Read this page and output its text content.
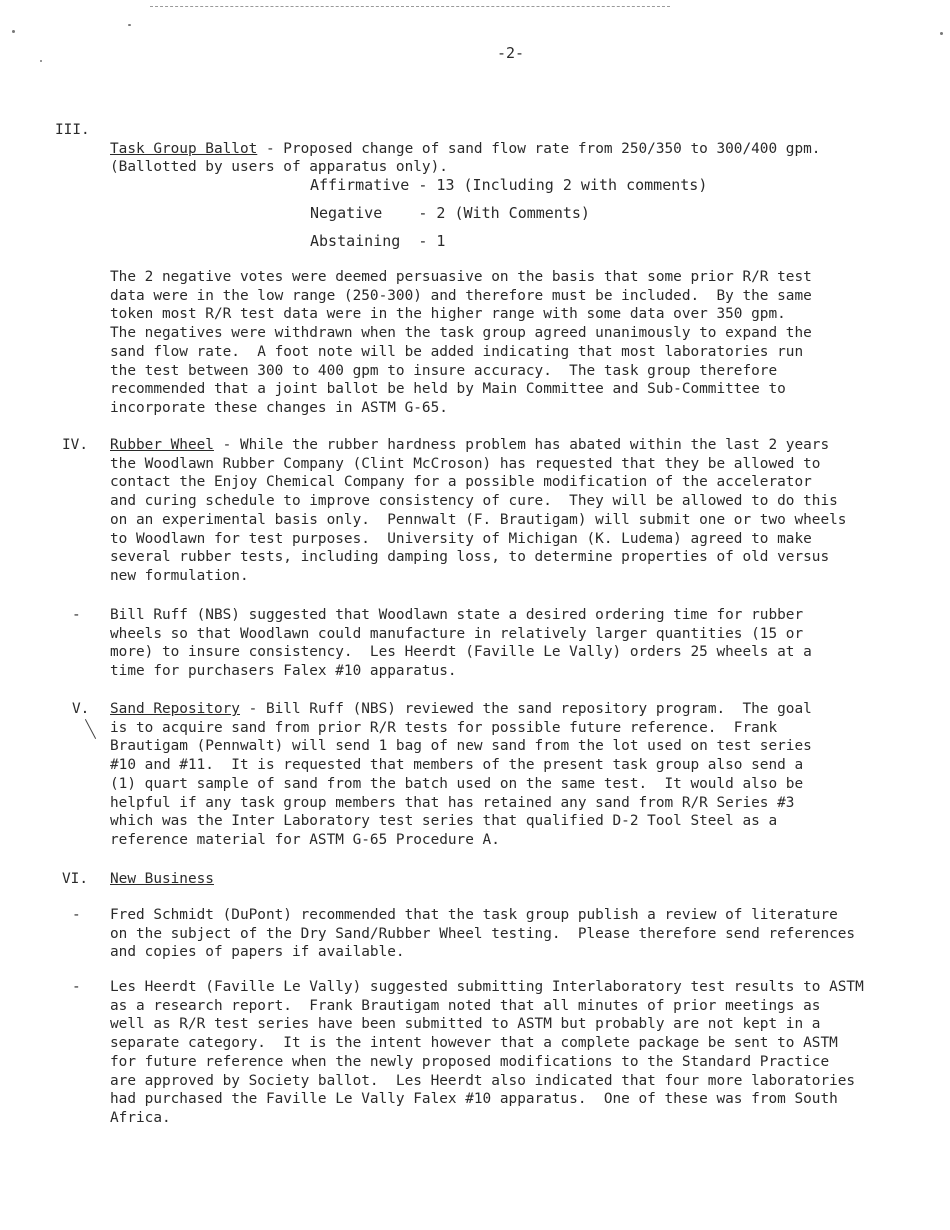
-2-
III.

Task Group Ballot - Proposed change of sand flow rate from 250/350 to 300/400 gpm.
(Ballotted by users of apparatus only).
Affirmative - 13 (Including 2 with comments)
Negative    - 2 (With Comments)
Abstaining  - 1
The 2 negative votes were deemed persuasive on the basis that some prior R/R test
data were in the low range (250-300) and therefore must be included.  By the same
token most R/R test data were in the higher range with some data over 350 gpm.
The negatives were withdrawn when the task group agreed unanimously to expand the
sand flow rate.  A foot note will be added indicating that most laboratories run
the test between 300 to 400 gpm to insure accuracy.  The task group therefore
recommended that a joint ballot be held by Main Committee and Sub-Committee to
incorporate these changes in ASTM G-65.
IV. Rubber Wheel - While the rubber hardness problem has abated within the last 2 years
the Woodlawn Rubber Company (Clint McCroson) has requested that they be allowed to
contact the Enjoy Chemical Company for a possible modification of the accelerator
and curing schedule to improve consistency of cure.  They will be allowed to do this
on an experimental basis only.  Pennwalt (F. Brautigam) will submit one or two wheels
to Woodlawn for test purposes.  University of Michigan (K. Ludema) agreed to make
several rubber tests, including damping loss, to determine properties of old versus
new formulation.
- Bill Ruff (NBS) suggested that Woodlawn state a desired ordering time for rubber
wheels so that Woodlawn could manufacture in relatively larger quantities (15 or
more) to insure consistency.  Les Heerdt (Faville Le Vally) orders 25 wheels at a
time for purchasers Falex #10 apparatus.
V. Sand Repository - Bill Ruff (NBS) reviewed the sand repository program.  The goal
is to acquire sand from prior R/R tests for possible future reference.  Frank
Brautigam (Pennwalt) will send 1 bag of new sand from the lot used on test series
#10 and #11.  It is requested that members of the present task group also send a
(1) quart sample of sand from the batch used on the same test.  It would also be
helpful if any task group members that has retained any sand from R/R Series #3
which was the Inter Laboratory test series that qualified D-2 Tool Steel as a
reference material for ASTM G-65 Procedure A.
VI. New Business
- Fred Schmidt (DuPont) recommended that the task group publish a review of literature
on the subject of the Dry Sand/Rubber Wheel testing.  Please therefore send references
and copies of papers if available.
- Les Heerdt (Faville Le Vally) suggested submitting Interlaboratory test results to ASTM
as a research report.  Frank Brautigam noted that all minutes of prior meetings as
well as R/R test series have been submitted to ASTM but probably are not kept in a
separate category.  It is the intent however that a complete package be sent to ASTM
for future reference when the newly proposed modifications to the Standard Practice
are approved by Society ballot.  Les Heerdt also indicated that four more laboratories
had purchased the Faville Le Vally Falex #10 apparatus.  One of these was from South
Africa.
